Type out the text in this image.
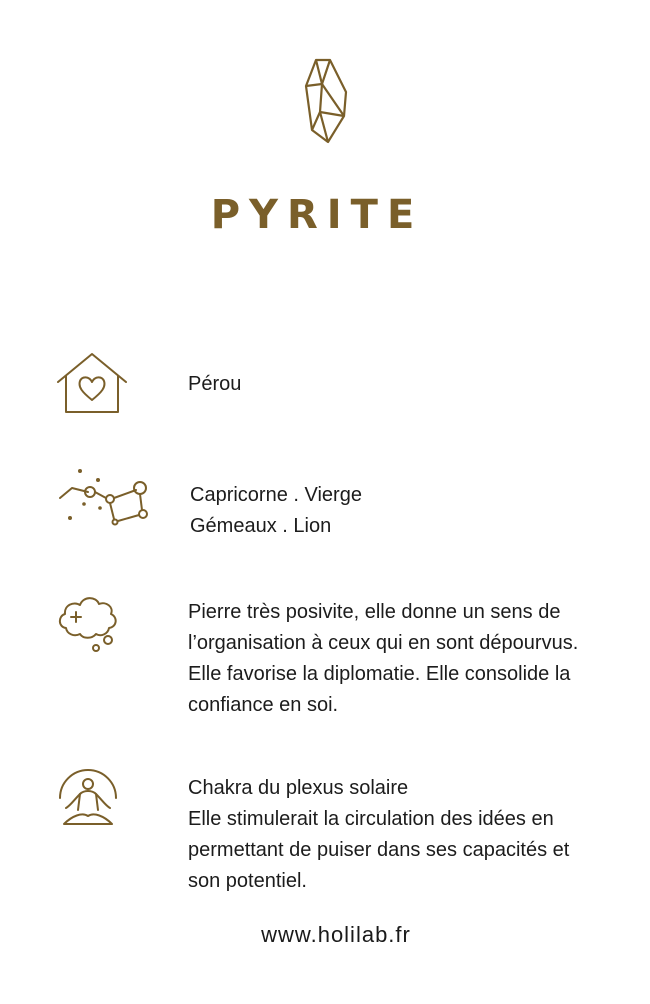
PYRITE
Pérou
Capricorne . Vierge
Gémeaux . Lion
Pierre très posivite, elle donne un sens de
l’organisation à ceux qui en sont dépourvus.
Elle favorise la diplomatie. Elle consolide la
confiance en soi.
Chakra du plexus solaire
Elle stimulerait la circulation des idées en
permettant de puiser dans ses capacités et
son potentiel.
www.holilab.fr
